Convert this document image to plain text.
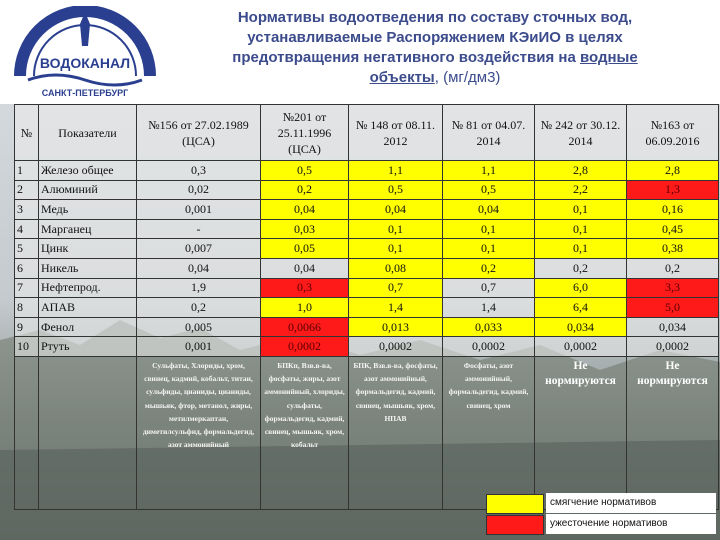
ВОДОКАНАЛ
САНКТ-ПЕТЕРБУРГ
Нормативы водоотведения по составу сточных вод,
устанавливаемые Распоряжением КЭиИО в целях
предотвращения негативного воздействия на водные
объекты, (мг/дм3)
№	Показатели	№156 от 27.02.1989 (ЦСА)	№201 от 25.11.1996 (ЦСА)	№ 148 от 08.11. 2012	№ 81 от 04.07. 2014	№ 242 от 30.12. 2014	№163 от 06.09.2016
1	Железо общее	0,3	0,5	1,1	1,1	2,8	2,8
2	Алюминий	0,02	0,2	0,5	0,5	2,2	1,3
3	Медь	0,001	0,04	0,04	0,04	0,1	0,16
4	Марганец	-	0,03	0,1	0,1	0,1	0,45
5	Цинк	0,007	0,05	0,1	0,1	0,1	0,38
6	Никель	0,04	0,04	0,08	0,2	0,2	0,2
7	Нефтепрод.	1,9	0,3	0,7	0,7	6,0	3,3
8	АПАВ	0,2	1,0	1,4	1,4	6,4	5,0
9	Фенол	0,005	0,0066	0,013	0,033	0,034	0,034
10	Ртуть	0,001	0,0002	0,0002	0,0002	0,0002	0,0002
		Сульфаты, Хлориды, хром, свинец, кадмий, кобальт, титан, сульфиды, цианиды, цианиды, мышьяк, фтор, метанол, жиры, метилмеркаптан, диметилсульфид, формальдегид, азот аммонийный	БПКп, Взв.в-ва, фосфаты, жиры, азот аммонийный, хлориды, сульфаты, формальдегид, кадмий, свинец, мышьяк, хром, кобальт	БПК, Взв.в-ва, фосфаты, азот аммонийный, формальдегид, кадмий, свинец, мышьяк, хром, НПАВ	Фосфаты, азот аммонийный, формальдегид, кадмий, свинец, хром	Не нормируются	Не нормируются
смягчение нормативов
ужесточение нормативов
